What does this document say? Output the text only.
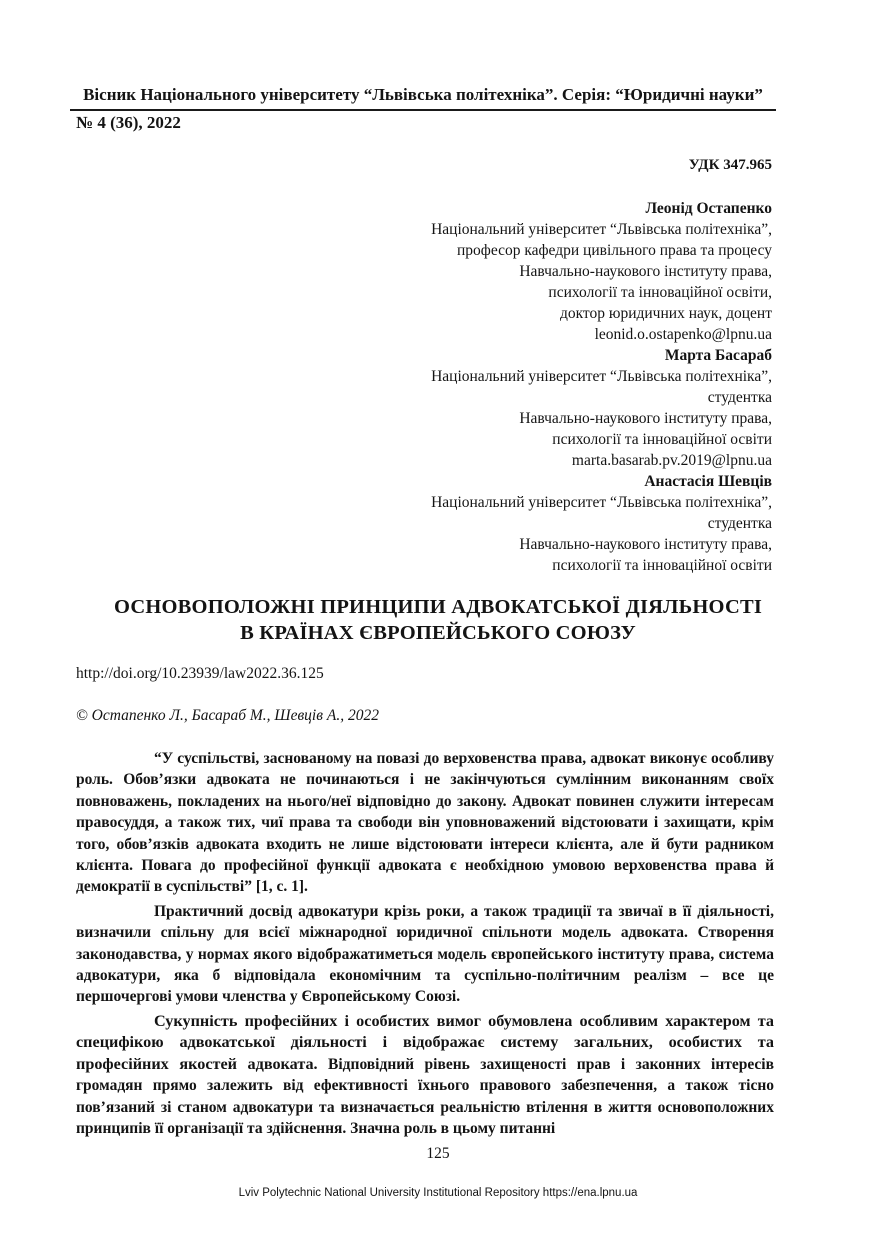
Вісник Національного університету “Львівська політехніка”. Серія: “Юридичні науки”
№ 4 (36), 2022
УДК 347.965
Леонід Остапенко
Національний університет “Львівська політехніка”,
професор кафедри цивільного права та процесу
Навчально-наукового інституту права,
психології та інноваційної освіти,
доктор юридичних наук, доцент
leonid.o.ostapenko@lpnu.ua
Марта Басараб
Національний університет “Львівська політехніка”,
студентка
Навчально-наукового інституту права,
психології та інноваційної освіти
marta.basarab.pv.2019@lpnu.ua
Анастасія Шевців
Національний університет “Львівська політехніка”,
студентка
Навчально-наукового інституту права,
психології та інноваційної освіти
ОСНОВОПОЛОЖНІ ПРИНЦИПИ АДВОКАТСЬКОЇ ДІЯЛЬНОСТІ
В КРАЇНАХ ЄВРОПЕЙСЬКОГО СОЮЗУ
http://doi.org/10.23939/law2022.36.125
© Остапенко Л., Басараб М., Шевців А., 2022

“У суспільстві, заснованому на повазі до верховенства права, адвокат виконує особливу роль. Обов’язки адвоката не починаються і не закінчуються сумлінним виконанням своїх повноважень, покладених на нього/неї відповідно до закону. Адвокат повинен служити інтересам правосуддя, а також тих, чиї права та свободи він уповноважений відстоювати і захищати, крім того, обов’язків адвоката входить не лише відстоювати інтереси клієнта, але й бути радником клієнта. Повага до професійної функції адвоката є необхідною умовою верховенства права й демократії в суспільстві” [1, с. 1].

Практичний досвід адвокатури крізь роки, а також традиції та звичаї в її діяльності, визначили спільну для всієї міжнародної юридичної спільноти модель адвоката. Створення законодавства, у нормах якого відображатиметься модель європейського інституту права, система адвокатури, яка б відповідала економічним та суспільно-політичним реалізм – все це першочергові умови членства у Європейському Союзі.

Сукупність професійних і особистих вимог обумовлена особливим характером та специфікою адвокатської діяльності і відображає систему загальних, особистих та професійних якостей адвоката. Відповідний рівень захищеності прав і законних інтересів громадян прямо залежить від ефективності їхнього правового забезпечення, а також тісно пов’язаний зі станом адвокатури та визначається реальністю втілення в життя основоположних принципів її організації та здійснення. Значна роль в цьому питанні

125
Lviv Polytechnic National University Institutional Repository https://ena.lpnu.ua
